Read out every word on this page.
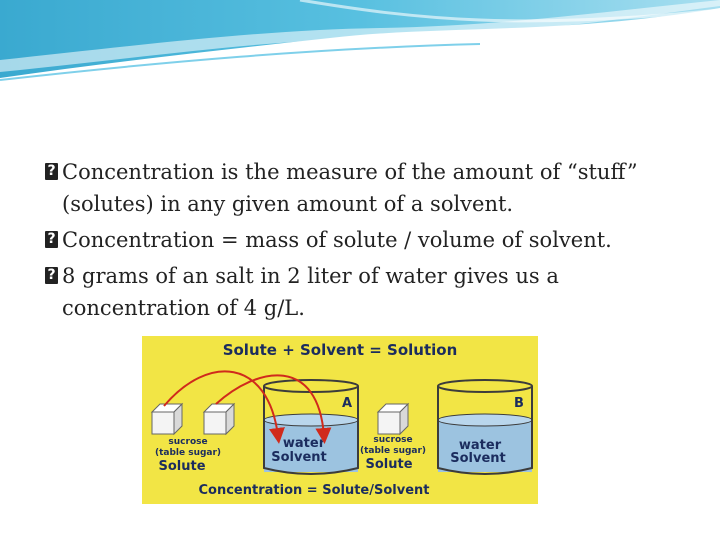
?
Concentration is the measure of the amount of “stuff” (solutes) in any given amount of a solvent.
?
Concentration = mass of solute / volume of solvent.
?
8 grams of an salt in 2 liter of water gives us a concentration of 4 g/L.
Solute + Solvent = Solution
A
water
Solvent
B
water
Solvent
sucrose
(table sugar)
Solute
sucrose
(table sugar)
Solute
Concentration = Solute/Solvent
